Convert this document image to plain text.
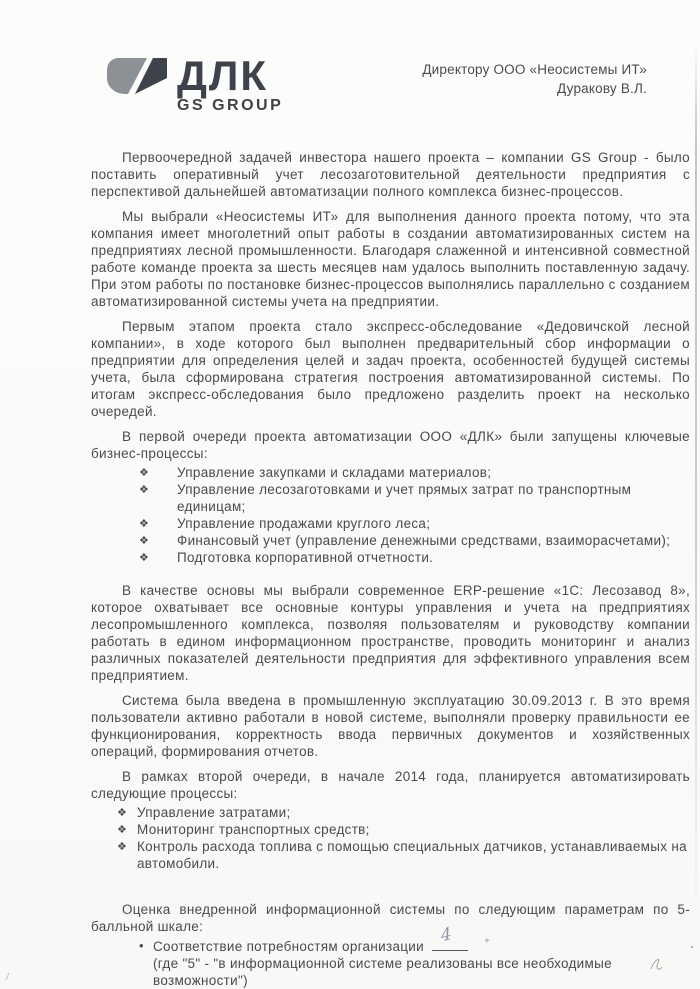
ДЛК
GS GROUP
Директору ООО «Неосистемы ИТ»
Дуракову В.Л.

Первоочередной задачей инвестора нашего проекта – компании GS Group - было поставить оперативный учет лесозаготовительной деятельности предприятия с перспективой дальнейшей автоматизации полного комплекса бизнес-процессов.

Мы выбрали «Неосистемы ИТ» для выполнения данного проекта потому, что эта компания имеет многолетний опыт работы в создании автоматизированных систем на предприятиях лесной промышленности. Благодаря слаженной и интенсивной совместной работе команде проекта за шесть месяцев нам удалось выполнить поставленную задачу. При этом работы по постановке бизнес-процессов выполнялись параллельно с созданием автоматизированной системы учета на предприятии.

Первым этапом проекта стало экспресс-обследование «Дедовичской лесной компании», в ходе которого был выполнен предварительный сбор информации о предприятии для определения целей и задач проекта, особенностей будущей системы учета, была сформирована стратегия построения автоматизированной системы. По итогам экспресс-обследования было предложено разделить проект на несколько очередей.

В первой очереди проекта автоматизации ООО «ДЛК» были запущены ключевые бизнес-процессы:

❖	Управление закупками и складами материалов;
❖	Управление лесозаготовками и учет прямых затрат по транспортным единицам;
❖	Управление продажами круглого леса;
❖	Финансовый учет (управление денежными средствами, взаиморасчетами);
❖	Подготовка корпоративной отчетности.

В качестве основы мы выбрали современное ERP-решение «1С: Лесозавод 8», которое охватывает все основные контуры управления и учета на предприятиях лесопромышленного комплекса, позволяя пользователям и руководству компании работать в едином информационном пространстве, проводить мониторинг и анализ различных показателей деятельности предприятия для эффективного управления всем предприятием.

Система была введена в промышленную эксплуатацию 30.09.2013 г. В это время пользователи активно работали в новой системе, выполняли проверку правильности ее функционирования, корректность ввода первичных документов и хозяйственных операций, формирования отчетов.

В рамках второй очереди, в начале 2014 года, планируется автоматизировать следующие процессы:

❖ Управление затратами;
❖ Мониторинг транспортных средств;
❖ Контроль расхода топлива с помощью специальных датчиков, устанавливаемых на автомобили.

Оценка внедренной информационной системы по следующим параметрам по 5-балльной шкале:

• Соответствие потребностям организации
4
(где "5" - "в информационной системе реализованы все необходимые возможности")
+
/
